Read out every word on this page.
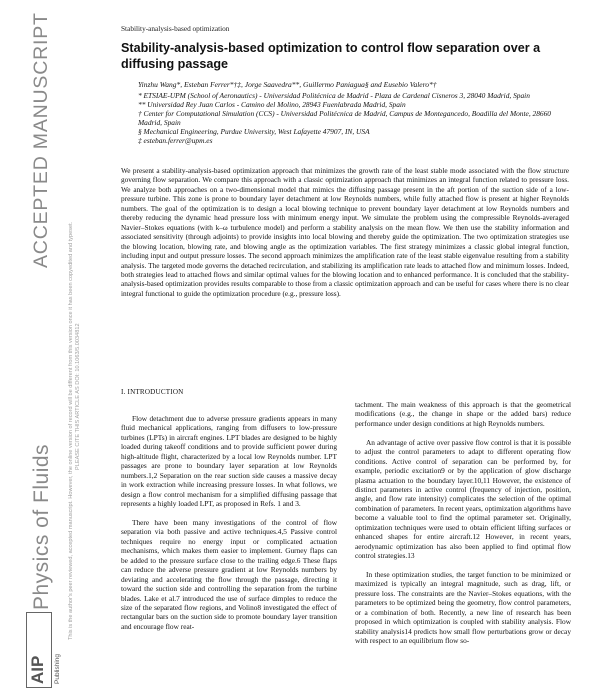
ACCEPTED MANUSCRIPT
Physics of Fluids	This is the author's peer reviewed, accepted manuscript. However, the online version of record will be different from this version once it has been copyedited and typeset. PLEASE CITE THIS ARTICLE AS DOI: 10.1063/5.0034812
AIP Publishing
Stability-analysis-based optimization
Stability-analysis-based optimization to control flow separation over a diffusing passage
Yinzhu Wang*, Esteban Ferrer*†‡, Jorge Saavedra**, Guillermo Paniagua§ and Eusebio Valero*†

* ETSIAE-UPM (School of Aeronautics) - Universidad Politécnica de Madrid - Plaza de Cardenal Cisneros 3, 28040 Madrid, Spain

** Universidad Rey Juan Carlos - Camino del Molino, 28943 Fuenlabrada Madrid, Spain

† Center for Computational Simulation (CCS) - Universidad Politécnica de Madrid, Campus de Montegancedo, Boadilla del Monte, 28660 Madrid, Spain

§ Mechanical Engineering, Purdue University, West Lafayette 47907, IN, USA

‡ esteban.ferrer@upm.es

We present a stability-analysis-based optimization approach that minimizes the growth rate of the least stable mode associated with the flow structure governing flow separation. We compare this approach with a classic optimization approach that minimizes an integral function related to pressure loss. We analyze both approaches on a two-dimensional model that mimics the diffusing passage present in the aft portion of the suction side of a low-pressure turbine. This zone is prone to boundary layer detachment at low Reynolds numbers, while fully attached flow is present at higher Reynolds numbers. The goal of the optimization is to design a local blowing technique to prevent boundary layer detachment at low Reynolds numbers and thereby reducing the dynamic head pressure loss with minimum energy input. We simulate the problem using the compressible Reynolds-averaged Navier–Stokes equations (with k–ω turbulence model) and perform a stability analysis on the mean flow. We then use the stability information and associated sensitivity (through adjoints) to provide insights into local blowing and thereby guide the optimization. The two optimization strategies use the blowing location, blowing rate, and blowing angle as the optimization variables. The first strategy minimizes a classic global integral function, including input and output pressure losses. The second approach minimizes the amplification rate of the least stable eigenvalue resulting from a stability analysis. The targeted mode governs the detached recirculation, and stabilizing its amplification rate leads to attached flow and minimum losses. Indeed, both strategies lead to attached flows and similar optimal values for the blowing location and to enhanced performance. It is concluded that the stability-analysis-based optimization provides results comparable to those from a classic optimization approach and can be useful for cases where there is no clear integral functional to guide the optimization procedure (e.g., pressure loss).

I. INTRODUCTION

Flow detachment due to adverse pressure gradients appears in many fluid mechanical applications, ranging from diffusers to low-pressure turbines (LPTs) in aircraft engines. LPT blades are designed to be highly loaded during takeoff conditions and to provide sufficient power during high-altitude flight, characterized by a local low Reynolds number. LPT passages are prone to boundary layer separation at low Reynolds numbers.1,2 Separation on the rear suction side causes a massive decay in work extraction while increasing pressure losses. In what follows, we design a flow control mechanism for a simplified diffusing passage that represents a highly loaded LPT, as proposed in Refs. 1 and 3.

There have been many investigations of the control of flow separation via both passive and active techniques.4,5 Passive control techniques require no energy input or complicated actuation mechanisms, which makes them easier to implement. Gurney flaps can be added to the pressure surface close to the trailing edge.6 These flaps can reduce the adverse pressure gradient at low Reynolds numbers by deviating and accelerating the flow through the passage, directing it toward the suction side and controlling the separation from the turbine blades. Lake et al.7 introduced the use of surface dimples to reduce the size of the separated flow regions, and Volino8 investigated the effect of rectangular bars on the suction side to promote boundary layer transition and encourage flow reat-

tachment. The main weakness of this approach is that the geometrical modifications (e.g., the change in shape or the added bars) reduce performance under design conditions at high Reynolds numbers.

An advantage of active over passive flow control is that it is possible to adjust the control parameters to adapt to different operating flow conditions. Active control of separation can be performed by, for example, periodic excitation9 or by the application of glow discharge plasma actuation to the boundary layer.10,11 However, the existence of distinct parameters in active control (frequency of injection, position, angle, and flow rate intensity) complicates the selection of the optimal combination of parameters. In recent years, optimization algorithms have become a valuable tool to find the optimal parameter set. Originally, optimization techniques were used to obtain efficient lifting surfaces or enhanced shapes for entire aircraft.12 However, in recent years, aerodynamic optimization has also been applied to find optimal flow control strategies.13

In these optimization studies, the target function to be minimized or maximized is typically an integral magnitude, such as drag, lift, or pressure loss. The constraints are the Navier–Stokes equations, with the parameters to be optimized being the geometry, flow control parameters, or a combination of both. Recently, a new line of research has been proposed in which optimization is coupled with stability analysis. Flow stability analysis14 predicts how small flow perturbations grow or decay with respect to an equilibrium flow so-
